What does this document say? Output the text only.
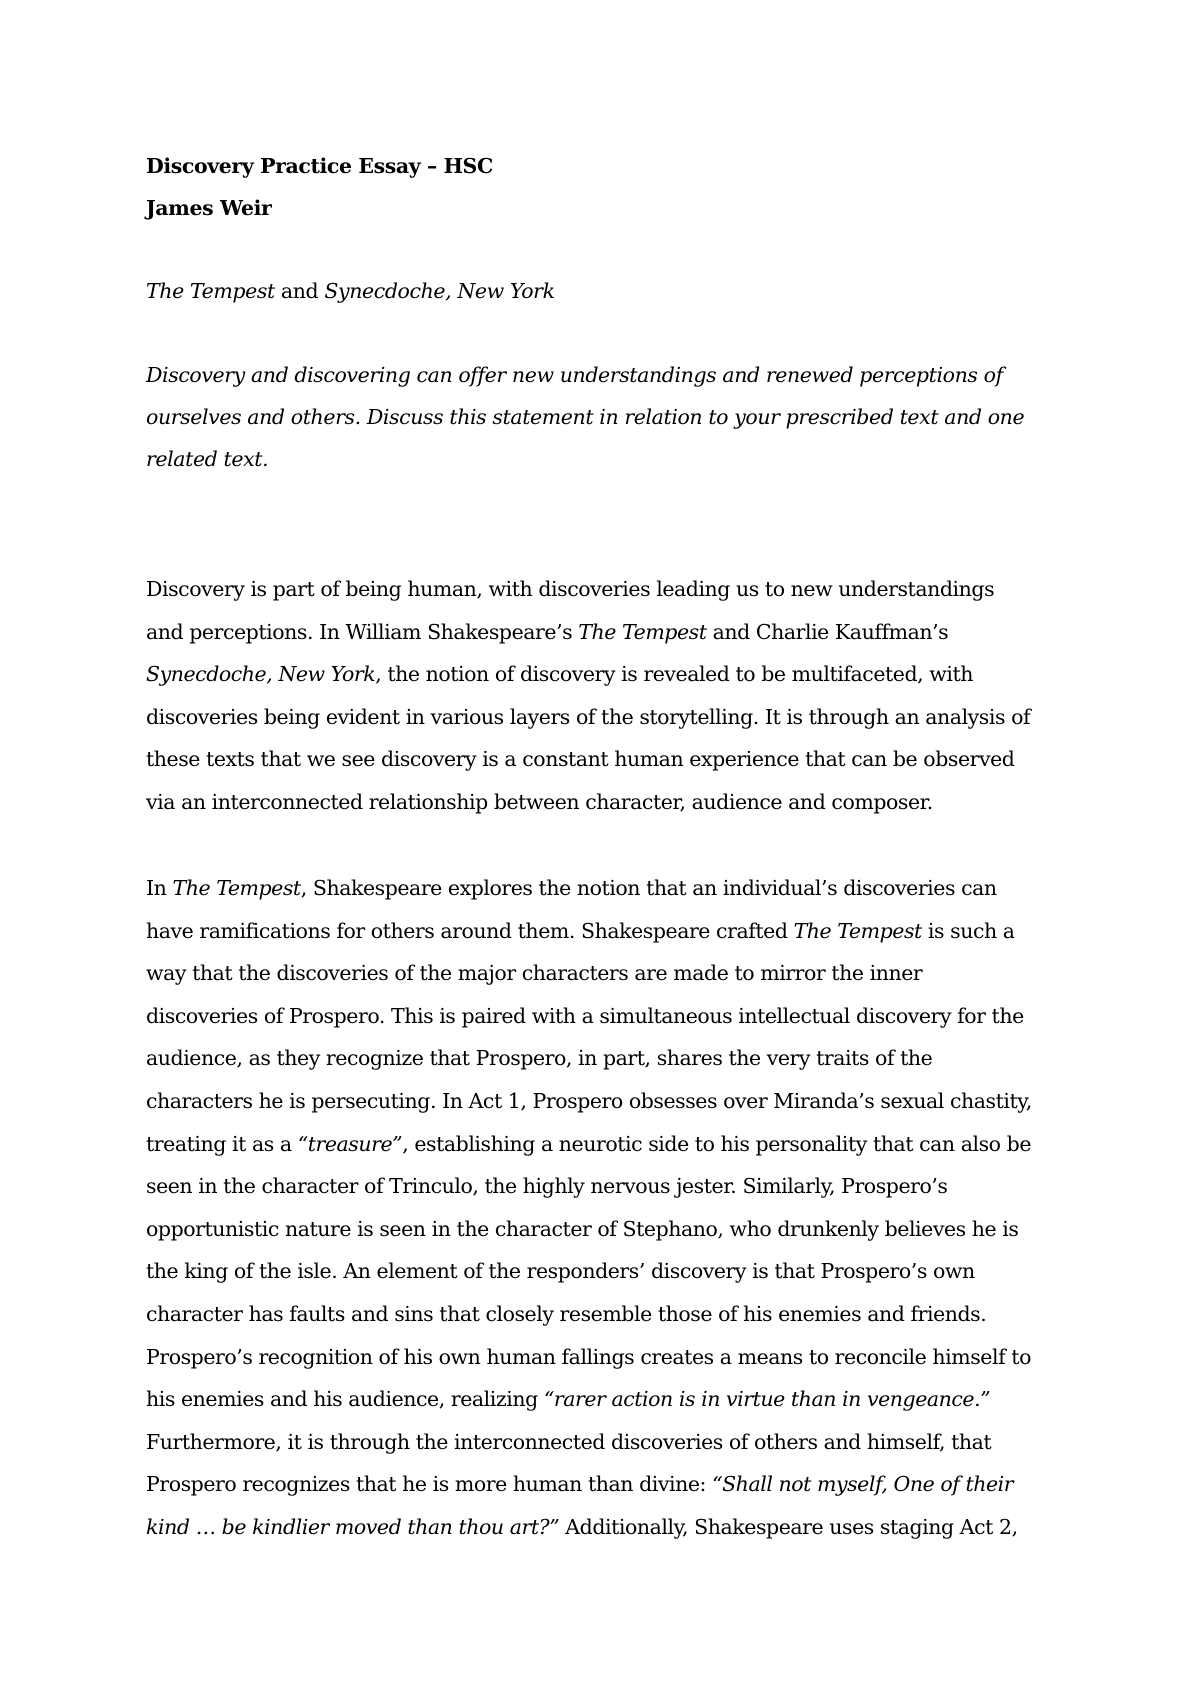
Discovery Practice Essay – HSC
James Weir
The Tempest and Synecdoche, New York
Discovery and discovering can offer new understandings and renewed perceptions of
ourselves and others. Discuss this statement in relation to your prescribed text and one
related text.
Discovery is part of being human, with discoveries leading us to new understandings
and perceptions. In William Shakespeare’s The Tempest and Charlie Kauffman’s
Synecdoche, New York, the notion of discovery is revealed to be multifaceted, with
discoveries being evident in various layers of the storytelling. It is through an analysis of
these texts that we see discovery is a constant human experience that can be observed
via an interconnected relationship between character, audience and composer.
In The Tempest, Shakespeare explores the notion that an individual’s discoveries can
have ramifications for others around them. Shakespeare crafted The Tempest is such a
way that the discoveries of the major characters are made to mirror the inner
discoveries of Prospero. This is paired with a simultaneous intellectual discovery for the
audience, as they recognize that Prospero, in part, shares the very traits of the
characters he is persecuting. In Act 1, Prospero obsesses over Miranda’s sexual chastity,
treating it as a “treasure”, establishing a neurotic side to his personality that can also be
seen in the character of Trinculo, the highly nervous jester. Similarly, Prospero’s
opportunistic nature is seen in the character of Stephano, who drunkenly believes he is
the king of the isle. An element of the responders’ discovery is that Prospero’s own
character has faults and sins that closely resemble those of his enemies and friends.
Prospero’s recognition of his own human fallings creates a means to reconcile himself to
his enemies and his audience, realizing “rarer action is in virtue than in vengeance.”
Furthermore, it is through the interconnected discoveries of others and himself, that
Prospero recognizes that he is more human than divine: “Shall not myself, One of their
kind … be kindlier moved than thou art?” Additionally, Shakespeare uses staging Act 2,
